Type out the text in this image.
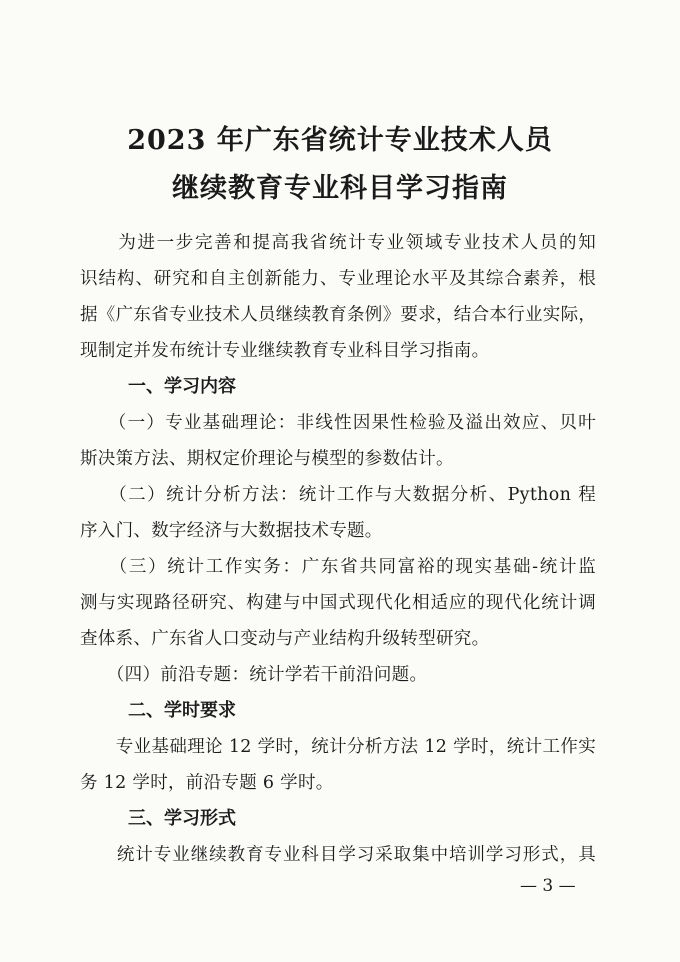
2023 年广东省统计专业技术人员
继续教育专业科目学习指南
　　为进一步完善和提高我省统计专业领域专业技术人员的知
识结构、研究和自主创新能力、专业理论水平及其综合素养，根
据《广东省专业技术人员继续教育条例》要求，结合本行业实际，
现制定并发布统计专业继续教育专业科目学习指南。
一、学习内容
　　（一）专业基础理论：非线性因果性检验及溢出效应、贝叶
斯决策方法、期权定价理论与模型的参数估计。
　　（二）统计分析方法：统计工作与大数据分析、Python 程
序入门、数字经济与大数据技术专题。
　　（三）统计工作实务：广东省共同富裕的现实基础-统计监
测与实现路径研究、构建与中国式现代化相适应的现代化统计调
查体系、广东省人口变动与产业结构升级转型研究。
　　（四）前沿专题：统计学若干前沿问题。
二、学时要求
　　专业基础理论 12 学时，统计分析方法 12 学时，统计工作实
务 12 学时，前沿专题 6 学时。
三、学习形式
　　统计专业继续教育专业科目学习采取集中培训学习形式，具
— 3 —
